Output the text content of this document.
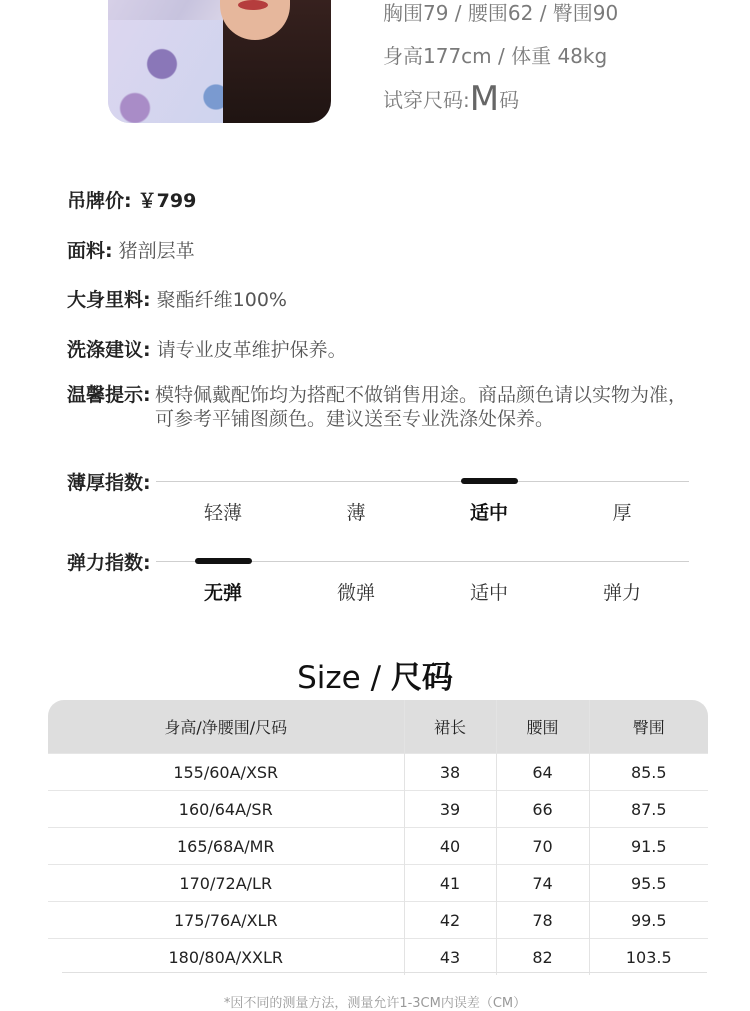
胸围79 / 腰围62 / 臀围90
身高177cm / 体重 48kg
试穿尺码:M码
吊牌价: ￥799
面料: 猪剖层革
大身里料: 聚酯纤维100%
洗涤建议: 请专业皮革维护保养。
温馨提示: 模特佩戴配饰均为搭配不做销售用途。商品颜色请以实物为准，可参考平铺图颜色。建议送至专业洗涤处保养。
薄厚指数:
轻薄	薄	适中	厚
弹力指数:
无弹	微弹	适中	弹力
Size / 尺码
身高/净腰围/尺码	裙长	腰围	臀围
155/60A/XSR	38	64	85.5
160/64A/SR	39	66	87.5
165/68A/MR	40	70	91.5
170/72A/LR	41	74	95.5
175/76A/XLR	42	78	99.5
180/80A/XXLR	43	82	103.5
*因不同的测量方法，测量允许1-3CM内误差（CM）
